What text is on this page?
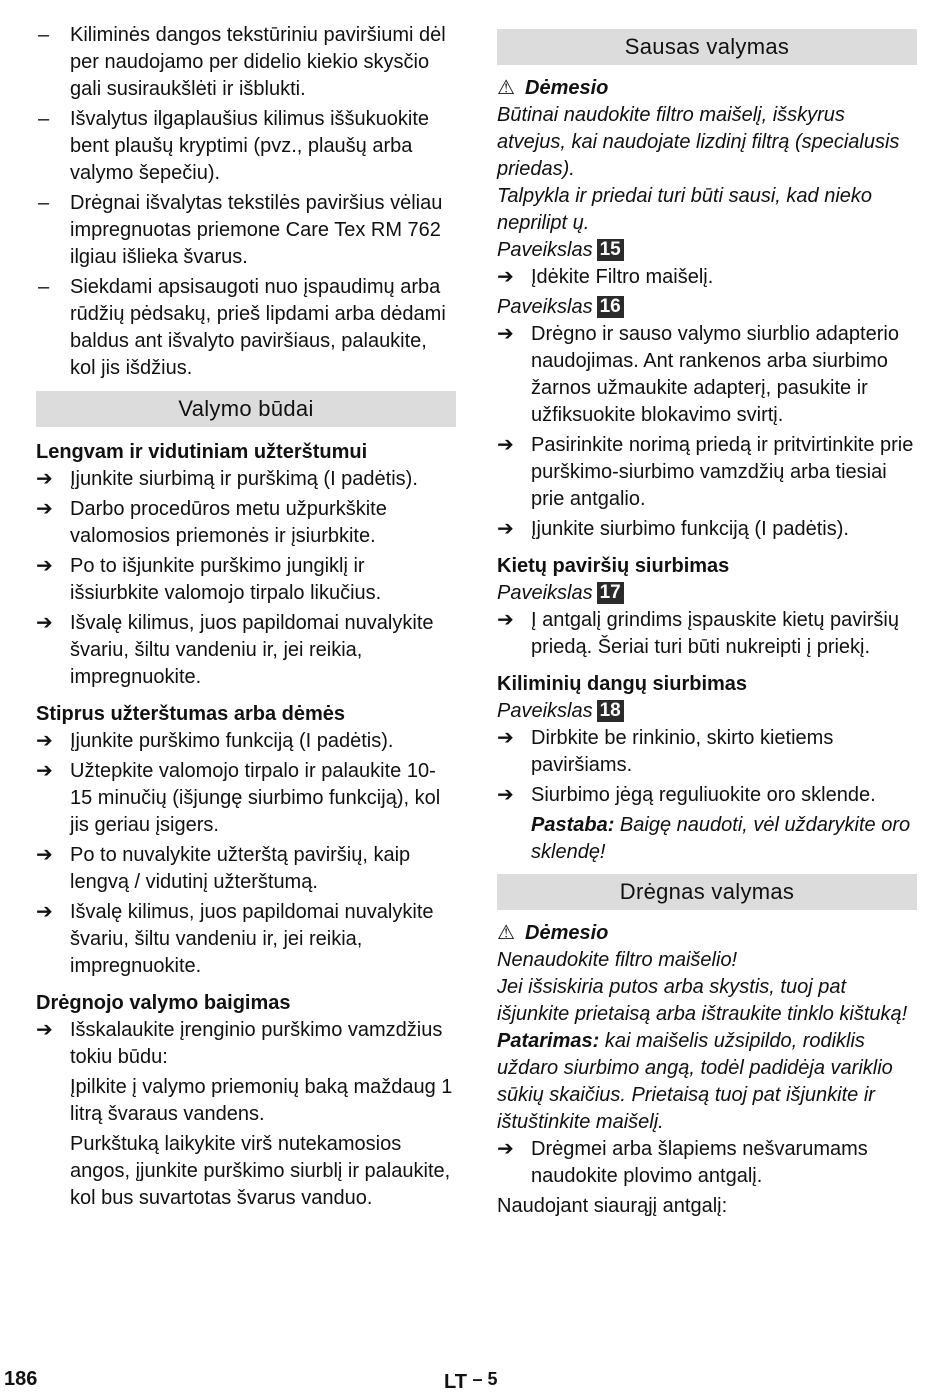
– Kiliminės dangos tekstūriniu paviršiumi dėl per naudojamo per didelio kiekio skysčio gali susiraukšlėti ir išblukti.
– Išvalytus ilgaplaušius kilimus iššukuokite bent plaušų kryptimi (pvz., plaušų arba valymo šepečiu).
– Drėgnai išvalytas tekstilės paviršius vėliau impregnuotas priemone Care Tex RM 762 ilgiau išlieka švarus.
– Siekdami apsisaugoti nuo įspaudimų arba rūdžių pėdsakų, prieš lipdami arba dėdami baldus ant išvalyto paviršiaus, palaukite, kol jis išdžius.
Valymo būdai
Lengvam ir vidutiniam užterštumui
➔ Įjunkite siurbimą ir purškimą (I padėtis).
➔ Darbo procedūros metu užpurkškite valomosios priemonės ir įsiurbkite.
➔ Po to išjunkite purškimo jungiklį ir išsiurbkite valomojo tirpalo likučius.
➔ Išvalę kilimus, juos papildomai nuvalykite švariu, šiltu vandeniu ir, jei reikia, impregnuokite.
Stiprus užterštumas arba dėmės
➔ Įjunkite purškimo funkciją (I padėtis).
➔ Užtepkite valomojo tirpalo ir palaukite 10-15 minučių (išjungę siurbimo funkciją), kol jis geriau įsigers.
➔ Po to nuvalykite užterštą paviršių, kaip lengvą / vidutinį užterštumą.
➔ Išvalę kilimus, juos papildomai nuvalykite švariu, šiltu vandeniu ir, jei reikia, impregnuokite.
Drėgnojo valymo baigimas
➔ Išskalaukite įrenginio purškimo vamzdžius tokiu būdu:
Įpilkite į valymo priemonių baką maždaug 1 litrą švaraus vandens.
Purkštuką laikykite virš nutekamosios angos, įjunkite purškimo siurblį ir palaukite, kol bus suvartotas švarus vanduo.
Sausas valymas
⚠ Dėmesio
Būtinai naudokite filtro maišelį, išskyrus atvejus, kai naudojate lizdinį filtrą (specialusis priedas).
Talpykla ir priedai turi būti sausi, kad nieko neprilipt ų.
Paveikslas 15
➔ Įdėkite Filtro maišelį.
Paveikslas 16
➔ Drėgno ir sauso valymo siurblio adapterio naudojimas. Ant rankenos arba siurbimo žarnos užmaukite adapterį, pasukite ir užfiksuokite blokavimo svirtį.
➔ Pasirinkite norimą priedą ir pritvirtinkite prie purškimo-siurbimo vamzdžių arba tiesiai prie antgalio.
➔ Įjunkite siurbimo funkciją (I padėtis).
Kietų paviršių siurbimas
Paveikslas 17
➔ Į antgalį grindims įspauskite kietų paviršių priedą. Šeriai turi būti nukreipti į priekį.
Kiliminių dangų siurbimas
Paveikslas 18
➔ Dirbkite be rinkinio, skirto kietiems paviršiams.
➔ Siurbimo jėgą reguliuokite oro sklende.
Pastaba: Baigę naudoti, vėl uždarykite oro sklendę!
Drėgnas valymas
⚠ Dėmesio
Nenaudokite filtro maišelio!
Jei išsiskiria putos arba skystis, tuoj pat išjunkite prietaisą arba ištraukite tinklo kištuką!
Patarimas: kai maišelis užsipildo, rodiklis uždaro siurbimo angą, todėl padidėja variklio sūkių skaičius. Prietaisą tuoj pat išjunkite ir ištuštinkite maišelį.
➔ Drėgmei arba šlapiems nešvarumams naudokite plovimo antgalį.
Naudojant siaurąjį antgalį:
186	LT – 5
